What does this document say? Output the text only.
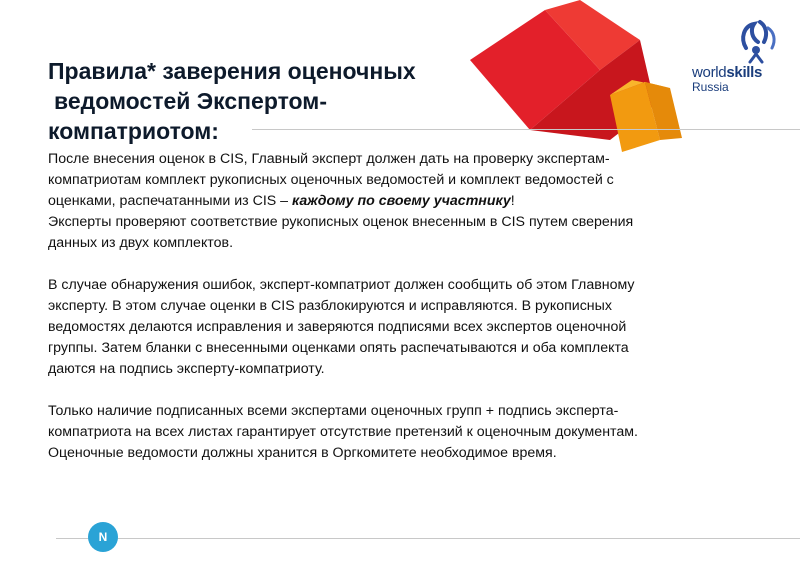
worldskills
Russia
Правила* заверения оценочных
ведомостей Экспертом-
компатриотом:

После внесения оценок в CIS, Главный эксперт должен дать на проверку экспертам-

компатриотам комплект рукописных оценочных ведомостей и комплект ведомостей с

оценками, распечатанными из CIS – каждому по своему участнику!

Эксперты проверяют соответствие рукописных оценок внесенным в CIS путем сверения

данных из двух комплектов.

В случае обнаружения ошибок, эксперт-компатриот должен сообщить об этом Главному

эксперту. В этом случае оценки в CIS разблокируются и исправляются. В рукописных

ведомостях делаются исправления и заверяются подписями всех экспертов оценочной

группы. Затем бланки с внесенными оценками опять распечатываются и оба комплекта

даются на подпись эксперту-компатриоту.

Только наличие подписанных всеми экспертами оценочных групп + подпись эксперта-

компатриота на всех листах гарантирует отсутствие претензий к оценочным документам.

Оценочные ведомости должны хранится в Оргкомитете необходимое время.

N
